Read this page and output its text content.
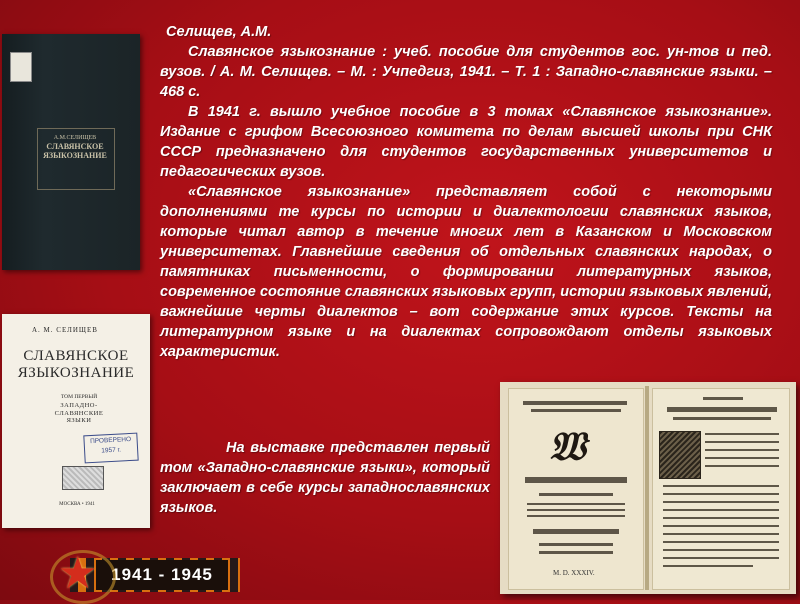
А.М.СЕЛИЩЕВ
СЛАВЯНСКОЕ
ЯЗЫКОЗНАНИЕ
А. М. СЕЛИЩЕВ
СЛАВЯНСКОЕ
ЯЗЫКОЗНАНИЕ
ТОМ ПЕРВЫЙ
ЗАПАДНО-
СЛАВЯНСКИЕ
ЯЗЫКИ
ПРОВЕРЕНО
1957 г.
МОСКВА • 1941
𝔚
M. D. XXXIV.
Селищев, А.М.

Славянское языкознание : учеб. пособие для студентов гос. ун-тов и пед. вузов. / А. М. Селищев. – М. : Учпедгиз, 1941. – Т. 1 : Западно-славянские языки. – 468 с.

В 1941 г. вышло учебное пособие в 3 томах «Славянское языкознание». Издание с грифом Всесоюзного комитета по делам высшей школы при СНК СССР предназначено для студентов государственных университетов и педагогических вузов.

«Славянское языкознание» представляет собой с некоторыми дополнениями те курсы по истории и диалектологии славянских языков, которые читал автор в течение многих лет в Казанском и Московском университетах. Главнейшие сведения об отдельных славянских народах, о памятниках письменности, о формировании литературных языков, современное состояние славянских языковых групп, истории языковых явлений, важнейшие черты диалектов – вот содержание этих курсов. Тексты на литературном языке и на диалектах сопровождают отделы языковых характеристик.

На выставке представлен первый том «Западно-славянские языки», который заключает в себе курсы западнославянских языков.

1941 - 1945
★
